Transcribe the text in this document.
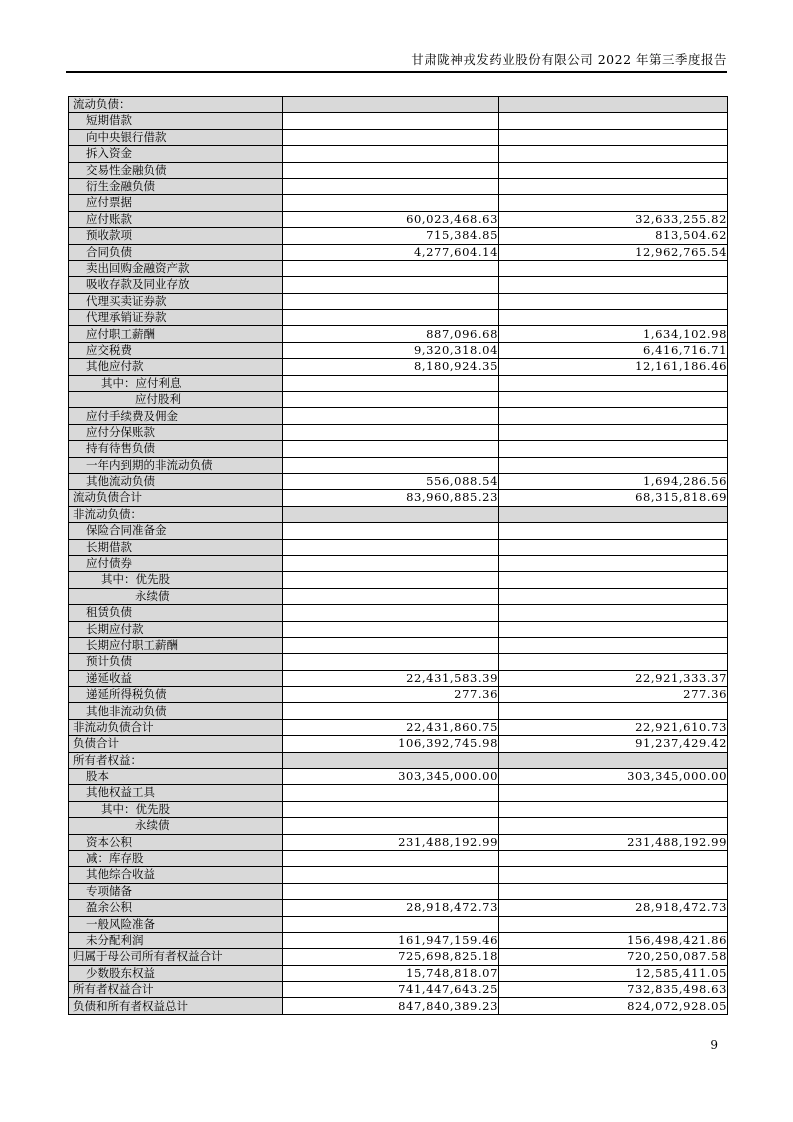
甘肃陇神戎发药业股份有限公司 2022 年第三季度报告
流动负债：		
短期借款		
向中央银行借款		
拆入资金		
交易性金融负债		
衍生金融负债		
应付票据		
应付账款	60,023,468.63	32,633,255.82
预收款项	715,384.85	813,504.62
合同负债	4,277,604.14	12,962,765.54
卖出回购金融资产款		
吸收存款及同业存放		
代理买卖证券款		
代理承销证券款		
应付职工薪酬	887,096.68	1,634,102.98
应交税费	9,320,318.04	6,416,716.71
其他应付款	8,180,924.35	12,161,186.46
其中：应付利息		
应付股利		
应付手续费及佣金		
应付分保账款		
持有待售负债		
一年内到期的非流动负债		
其他流动负债	556,088.54	1,694,286.56
流动负债合计	83,960,885.23	68,315,818.69
非流动负债：		
保险合同准备金		
长期借款		
应付债券		
其中：优先股		
永续债		
租赁负债		
长期应付款		
长期应付职工薪酬		
预计负债		
递延收益	22,431,583.39	22,921,333.37
递延所得税负债	277.36	277.36
其他非流动负债		
非流动负债合计	22,431,860.75	22,921,610.73
负债合计	106,392,745.98	91,237,429.42
所有者权益：		
股本	303,345,000.00	303,345,000.00
其他权益工具		
其中：优先股		
永续债		
资本公积	231,488,192.99	231,488,192.99
减：库存股		
其他综合收益		
专项储备		
盈余公积	28,918,472.73	28,918,472.73
一般风险准备		
未分配利润	161,947,159.46	156,498,421.86
归属于母公司所有者权益合计	725,698,825.18	720,250,087.58
少数股东权益	15,748,818.07	12,585,411.05
所有者权益合计	741,447,643.25	732,835,498.63
负债和所有者权益总计	847,840,389.23	824,072,928.05
9
